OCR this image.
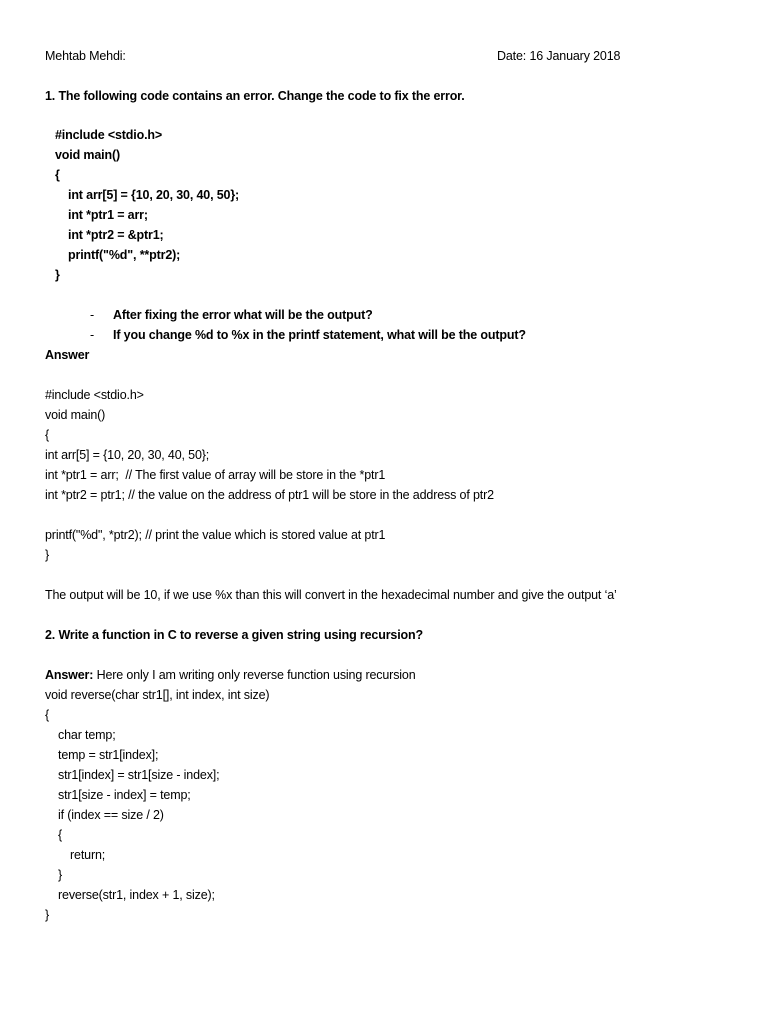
Mehtab Mehdi:	Date: 16 January 2018
1. The following code contains an error. Change the code to fix the error.
#include <stdio.h>
void main()
{
int arr[5] = {10, 20, 30, 40, 50};
int *ptr1 = arr;
int *ptr2 = &ptr1;
printf("%d", **ptr2);
}
- After fixing the error what will be the output?
- If you change %d to %x in the printf statement, what will be the output?
Answer
#include <stdio.h>
void main()
{
int arr[5] = {10, 20, 30, 40, 50};
int *ptr1 = arr;  // The first value of array will be store in the *ptr1
int *ptr2 = ptr1; // the value on the address of ptr1 will be store in the address of ptr2
printf("%d", *ptr2); // print the value which is stored value at ptr1
}
The output will be 10, if we use %x than this will convert in the hexadecimal number and give the output ‘a’
2. Write a function in C to reverse a given string using recursion?
Answer: Here only I am writing only reverse function using recursion
void reverse(char str1[], int index, int size)
{
char temp;
temp = str1[index];
str1[index] = str1[size - index];
str1[size - index] = temp;
if (index == size / 2)
{
return;
}
reverse(str1, index + 1, size);
}
